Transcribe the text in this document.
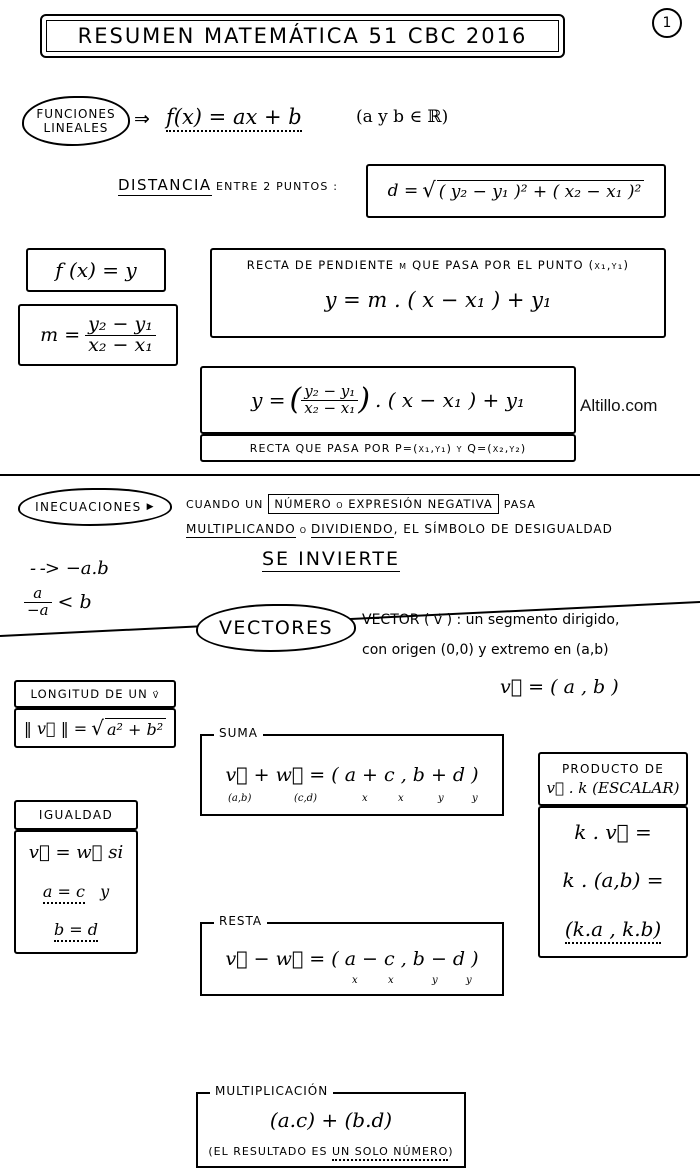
1
RESUMEN MATEMÁTICA 51 CBC 2016
FUNCIONES
LINEALES ⇒ f(x) = ax + b	(a y b ∈ ℝ)
DISTANCIA ENTRE 2 PUNTOS :	d = √ ( y₂ − y₁ )² + ( x₂ − x₁ )²
f (x) = y
$m = \frac{\text{y₂ − y₁}}{\text{x₂ − x₁}}$
RECTA DE PENDIENTE m QUE PASA POR EL PUNTO (x₁,y₁)
y = m . ( x − x₁ ) + y₁
y = ( $\frac{\text{y₂ − y₁}}{\text{x₂ − x₁}}$ ) . ( x − x₁ ) + y₁
RECTA QUE PASA POR P=(x₁,y₁) y Q=(x₂,y₂)
Altillo.com
INECUACIONES ▶	CUANDO UN NÚMERO o EXPRESIÓN NEGATIVA	PASA
MULTIPLICANDO o DIVIDIENDO , EL SÍMBOLO DE DESIGUALDAD
SE INVIERTE
- -> −a.b
$\frac{a}{-a} < b$
VECTORES VECTOR ( v⃗ ) : un segmento dirigido,
con origen (0,0) y extremo en (a,b)
v⃗ = ( a , b )
LONGITUD DE UN v⃗
‖ v⃗ ‖ = √ a² + b²
IGUALDAD
v⃗ = w⃗ si
a = c y
b = d
SUMA
v⃗ + w⃗ = ( a + c , b + d )
(a,b)	(c,d)	x	x	y	y
RESTA
v⃗ − w⃗ = ( a − c , b − d )
x	x	y	y
MULTIPLICACIÓN
(a.c) + (b.d)
(EL RESULTADO ES UN SOLO NÚMERO)
PRODUCTO DE
v⃗ . k (ESCALAR)
k . v⃗ =
k . (a,b) =
(k.a , k.b)
